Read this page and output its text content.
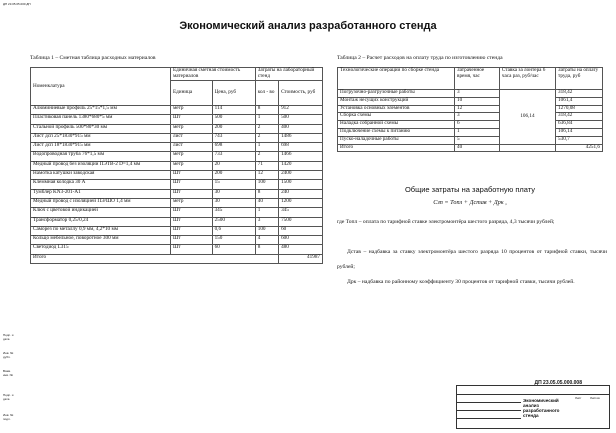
ДП 23.05.05.000 ДП
Экономический анализ разработанного стенда
Таблица 1 – Сметная таблица расходных материалов
Номенклатура	Единичная сметная стоимость материалов		Затраты на лабораторный стенд	
	Единица	Цена, руб	кол - во	Стоимость, руб
Алюминиевые профиль 25*15*1,5 мм	метр	114	8	912
Пластиковая панель 1380*680*5 мм	Шт	500	1	500
Стальной профиль 500*80*30 мм	метр	200	2	400
Лист дсп 25*1830*915 мм	лист	743	2	1486
Лист дсп 18*1830*915 мм	лист	698	1	698
Водопроводная труба 76*1,5 мм	метр	733	2	1466
Медный провод без изоляции ПЭТВ-2 D=1,4 мм	метр	20	71	1420
Намотка катушки заводская	Шт	200	12	2400
Клеммная колодка 30 А	Шт	15	100	1500
Тумблер KN3-201-A1	Шт	30	8	240
Медный провод с изоляцией ПЭ/ШО 1,4 мм	метр	30	40	1200
Ключ с цветовой индикацией	Шт	345	1	345
Трансформатор 0,25/0,24	Шт	2500	3	7500
Саморез по металлу 0,9 мм, 4,2*10 мм	Шт	0,6	100	60
Кольцо мебельное, поворотное 300 мм	Шт	150	4	600
Светодиод L315	Шт	60	8	480
Итого				41987
Таблица 2 – Расчет расходов на оплату труда по изготовлению стенда
Технологические операции по сборке стенда	Затраченное время, час	Ставка за лонтера 6 часа раз, руб/час	Затраты на оплату труда, руб
Погрузочно-разгрузочные работы	3	106,14	318,42
Монтаж несущих конструкций	10		1061,4
Установка основных элементов	12		1270,08
Сборка схемы	3		318,42
Наладка собранной схемы	6		636,84
Подключение схемы к питанию	1		106,14
Пуско-наладочные работы	5		530,7
Итого	40		4251,6
Общие затраты на заработную плату
Сзп = Топл + Дстав + Дрк ,
где Топл – оплата по тарифной ставке электромонтёра шестого разряда, 4,3 тысячи рублей;
Дстав – надбавка за ставку электромонтёра шестого разряда 10 процентов от тарифной ставки, тысячи рублей;
Дрк – надбавка по районному коэффициенту 30 процентов от тарифной ставки, тысячи рублей.
Подп. и дата
Инв. № дубл.
Взам. инв. №
Подп. и дата
Инв. № подл.
ДП 23.05.05.000.008
Экономический анализ разработанного стенда
Лист	Листов
